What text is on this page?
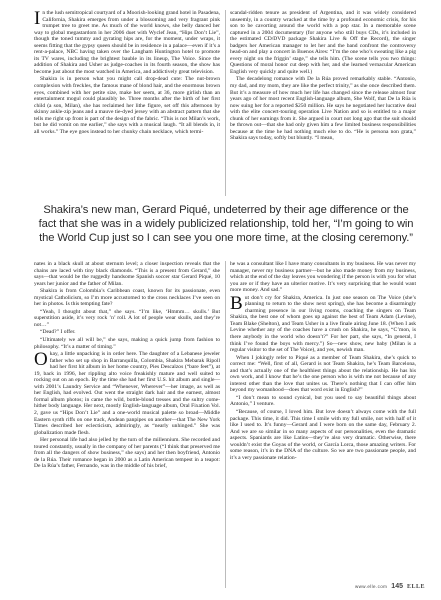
In the lush semitropical courtyard of a Moorish-looking grand hotel in Pasadena, California, Shakira emerges from under a blossoming and very fragrant pink trumpet tree to greet me. As much of the world knows, she belly danced her way to global megastardom in her 2006 duet with Wyclef Jean, “Hips Don’t Lie”, though the toned tummy and gyrating hips are, for the moment, under wraps, it seems fitting that the gypsy queen should be in residence in a palace—even if it’s a rent-a-palace, NBC having taken over the Langham Huntington hotel to promote its TV wares, including the brightest bauble in its lineup, The Voice. Since the addition of Shakira and Usher as judge-coaches in its fourth season, the show has become just about the most watched in America, and addictively great television.

Shakira is in person what you might call drop-dead cute: The nut-brown complexion with freckles, the famous mane of blond hair, and the enormous brown eyes, combined with her petite size, make her seem, at 36, more girlish than an entertainment mogul could plausibly be. Three months after the birth of her first child (a son, Milan), she has reclaimed her lithe figure, set off this afternoon by skinny ankle-zip jeans and a mauve tie-dyed jersey with an abstract pattern that she tells me right up front is part of the design of the fabric. “This is not Milan’s work, but he did vomit on me earlier,” she says with a musical laugh. “It all blends in, it all works.” The eye goes instead to her chunky chain necklace, which termi-

scandal-ridden tenure as president of Argentina, and it was widely considered unseemly, in a country wracked at the time by a profound economic crisis, for his son to be cavorting around the world with a pop star. In a memorable scene captured in a 2004 documentary (for anyone who still buys CDs, it’s included in the estimated CD/DVD package Shakira Live & Off the Record), the singer badgers her American manager to let her and the band confront the controversy head-on and play a concert in Buenos Aires: “I’m the one who’s sweating like a pig every night on the friggin’ stage,” she tells him. (The scene tells you two things: Questions of moral honor cut deep with her, and she learned vernacular American English very quickly and quite well.)

The decadelong romance with De la Rúa proved remarkably stable. “Antonio, my dad, and my mom, they are like the perfect trinity,” as she once described them. But it’s a measure of how much her life has changed since the release almost four years ago of her most recent English-language album, She Wolf, that De la Rúa is now suing her for a reported $250 million. He says he negotiated her lucrative deal with the elite concert-touring operation Live Nation and so is entitled to a major chunk of her earnings from it. She argued in court not long ago that the suit should be thrown out—that she had only given him a few limited business responsibilities because at the time he had nothing much else to do. “He is persona non grata,” Shakira says today, softly but bluntly. “I mean,

Shakira’s new man, Gerard Piqué, undeterred by their age difference or the fact that she was in a widely publicized relationship, told her, “I’m going to win the World Cup just so I can see you one more time, at the closing ceremony.”

nates in a black skull at about sternum level; a closer inspection reveals that the chains are laced with tiny black diamonds. “This is a present from Gerard,” she says—that would be the ruggedly handsome Spanish soccer star Gerard Piqué, 10 years her junior and the father of Milan.

Shakira is from Colombia’s Caribbean coast, known for its passionate, even mystical Catholicism, so I’m more accustomed to the cross necklaces I’ve seen on her in photos. Is this tempting fate?

“Yeah, I thought about that,” she says. “I’m like, ‘Hmmm… skulls.’ But superstition aside, it’s very rock ’n’ roll. A lot of people wear skulls, and they’re not…”

“Dead?” I offer.

“Ultimately we all will be,” she says, making a quick jump from fashion to philosophy. “It’s a matter of timing.”

Okay, a little unpacking is in order here. The daughter of a Lebanese jeweler father who set up shop in Barranquilla, Colombia, Shakira Mebarak Ripoll had her first hit album in her home country, Pies Descalzos (“bare feet”), at 19, back in 1996, her rippling alto voice freakishly mature and well suited to rocking out on an epoch. By the time she had her first U.S. hit album and single—with 2001’s Laundry Service and “Whenever, Wherever”—her image, as well as her English, had evolved. Out went the straight dark hair and the earnest, almost formal album photos; in came the wild, bottle-blond tresses and the sultry come-hither body language. Her next, mostly English-language album, Oral Fixation Vol. 2, gave us “Hips Don’t Lie” and a one-world musical palette so broad—Middle Eastern synth riffs on one track, Andean panpipes on another—that The New York Times described her eclecticism, admiringly, as “nearly unhinged.” She was globalization made flesh.

Her personal life had also jelled by the turn of the millennium. She recorded and toured constantly, usually in the company of her parents (“I think that preserved me from all the dangers of show business,” she says) and her then boyfriend, Antonio de la Rúa. Their romance began in 2000 as a Latin American tempest in a teapot: De la Rúa’s father, Fernando, was in the middle of his brief,

he was a consultant like I have many consultants in my business. He was never my manager, never my business partner—but he also made money from my business, which at the end of the day leaves you wondering if the person is with you for what you are or if they have an ulterior motive. It’s very surprising that he would want more money. And sad.”

But don’t cry for Shakira, America. In just one season on The Voice (she’s planning to return to the show next spring), she has become a disarmingly charming presence in our living rooms, coaching the singers on Team Shakira, the best one of whom goes up against the best of Team Adam (Levine), Team Blake (Shelton), and Team Usher in a live finale airing June 18. (When I ask Levine whether any of the coaches have a crush on Shakira, he says, “C’mon, is there anybody in the world who doesn’t?” For her part, she says, “In general, I think I’ve found the boys with mercy.”) So—new show, new baby (Milan is a regular visitor to the set of The Voice), and yes, newish man.

When I jokingly refer to Piqué as a member of Team Shakira, she’s quick to correct me: “Well, first of all, Gerard is not Team Shakira, he’s Team Barcelona, and that’s actually one of the healthiest things about the relationship. He has his own work, and I know that he’s the one person who is with me not because of any interest other than the love that unites us. There’s nothing that I can offer him beyond my womanhood—does that word exist in English?”

“I don’t mean to sound cynical, but you used to say beautiful things about Antonio,” I venture.

“Because, of course, I loved him. But love doesn’t always come with the full package. This time, it did. This time I smile with my full smile, not with half of it like I used to. It’s funny—Gerard and I were born on the same day, February 2. And we are so similar in so many aspects of our personalities, even the dramatic aspects. Spaniards are like Latins—they’re also very dramatic. Otherwise, there wouldn’t exist the Goyas of the world, or García Lorca, those amazing writers. For some reason, it’s in the DNA of the culture. So we are two passionate people, and it’s a very passionate relation-

www.elle.com 145 ELLE
